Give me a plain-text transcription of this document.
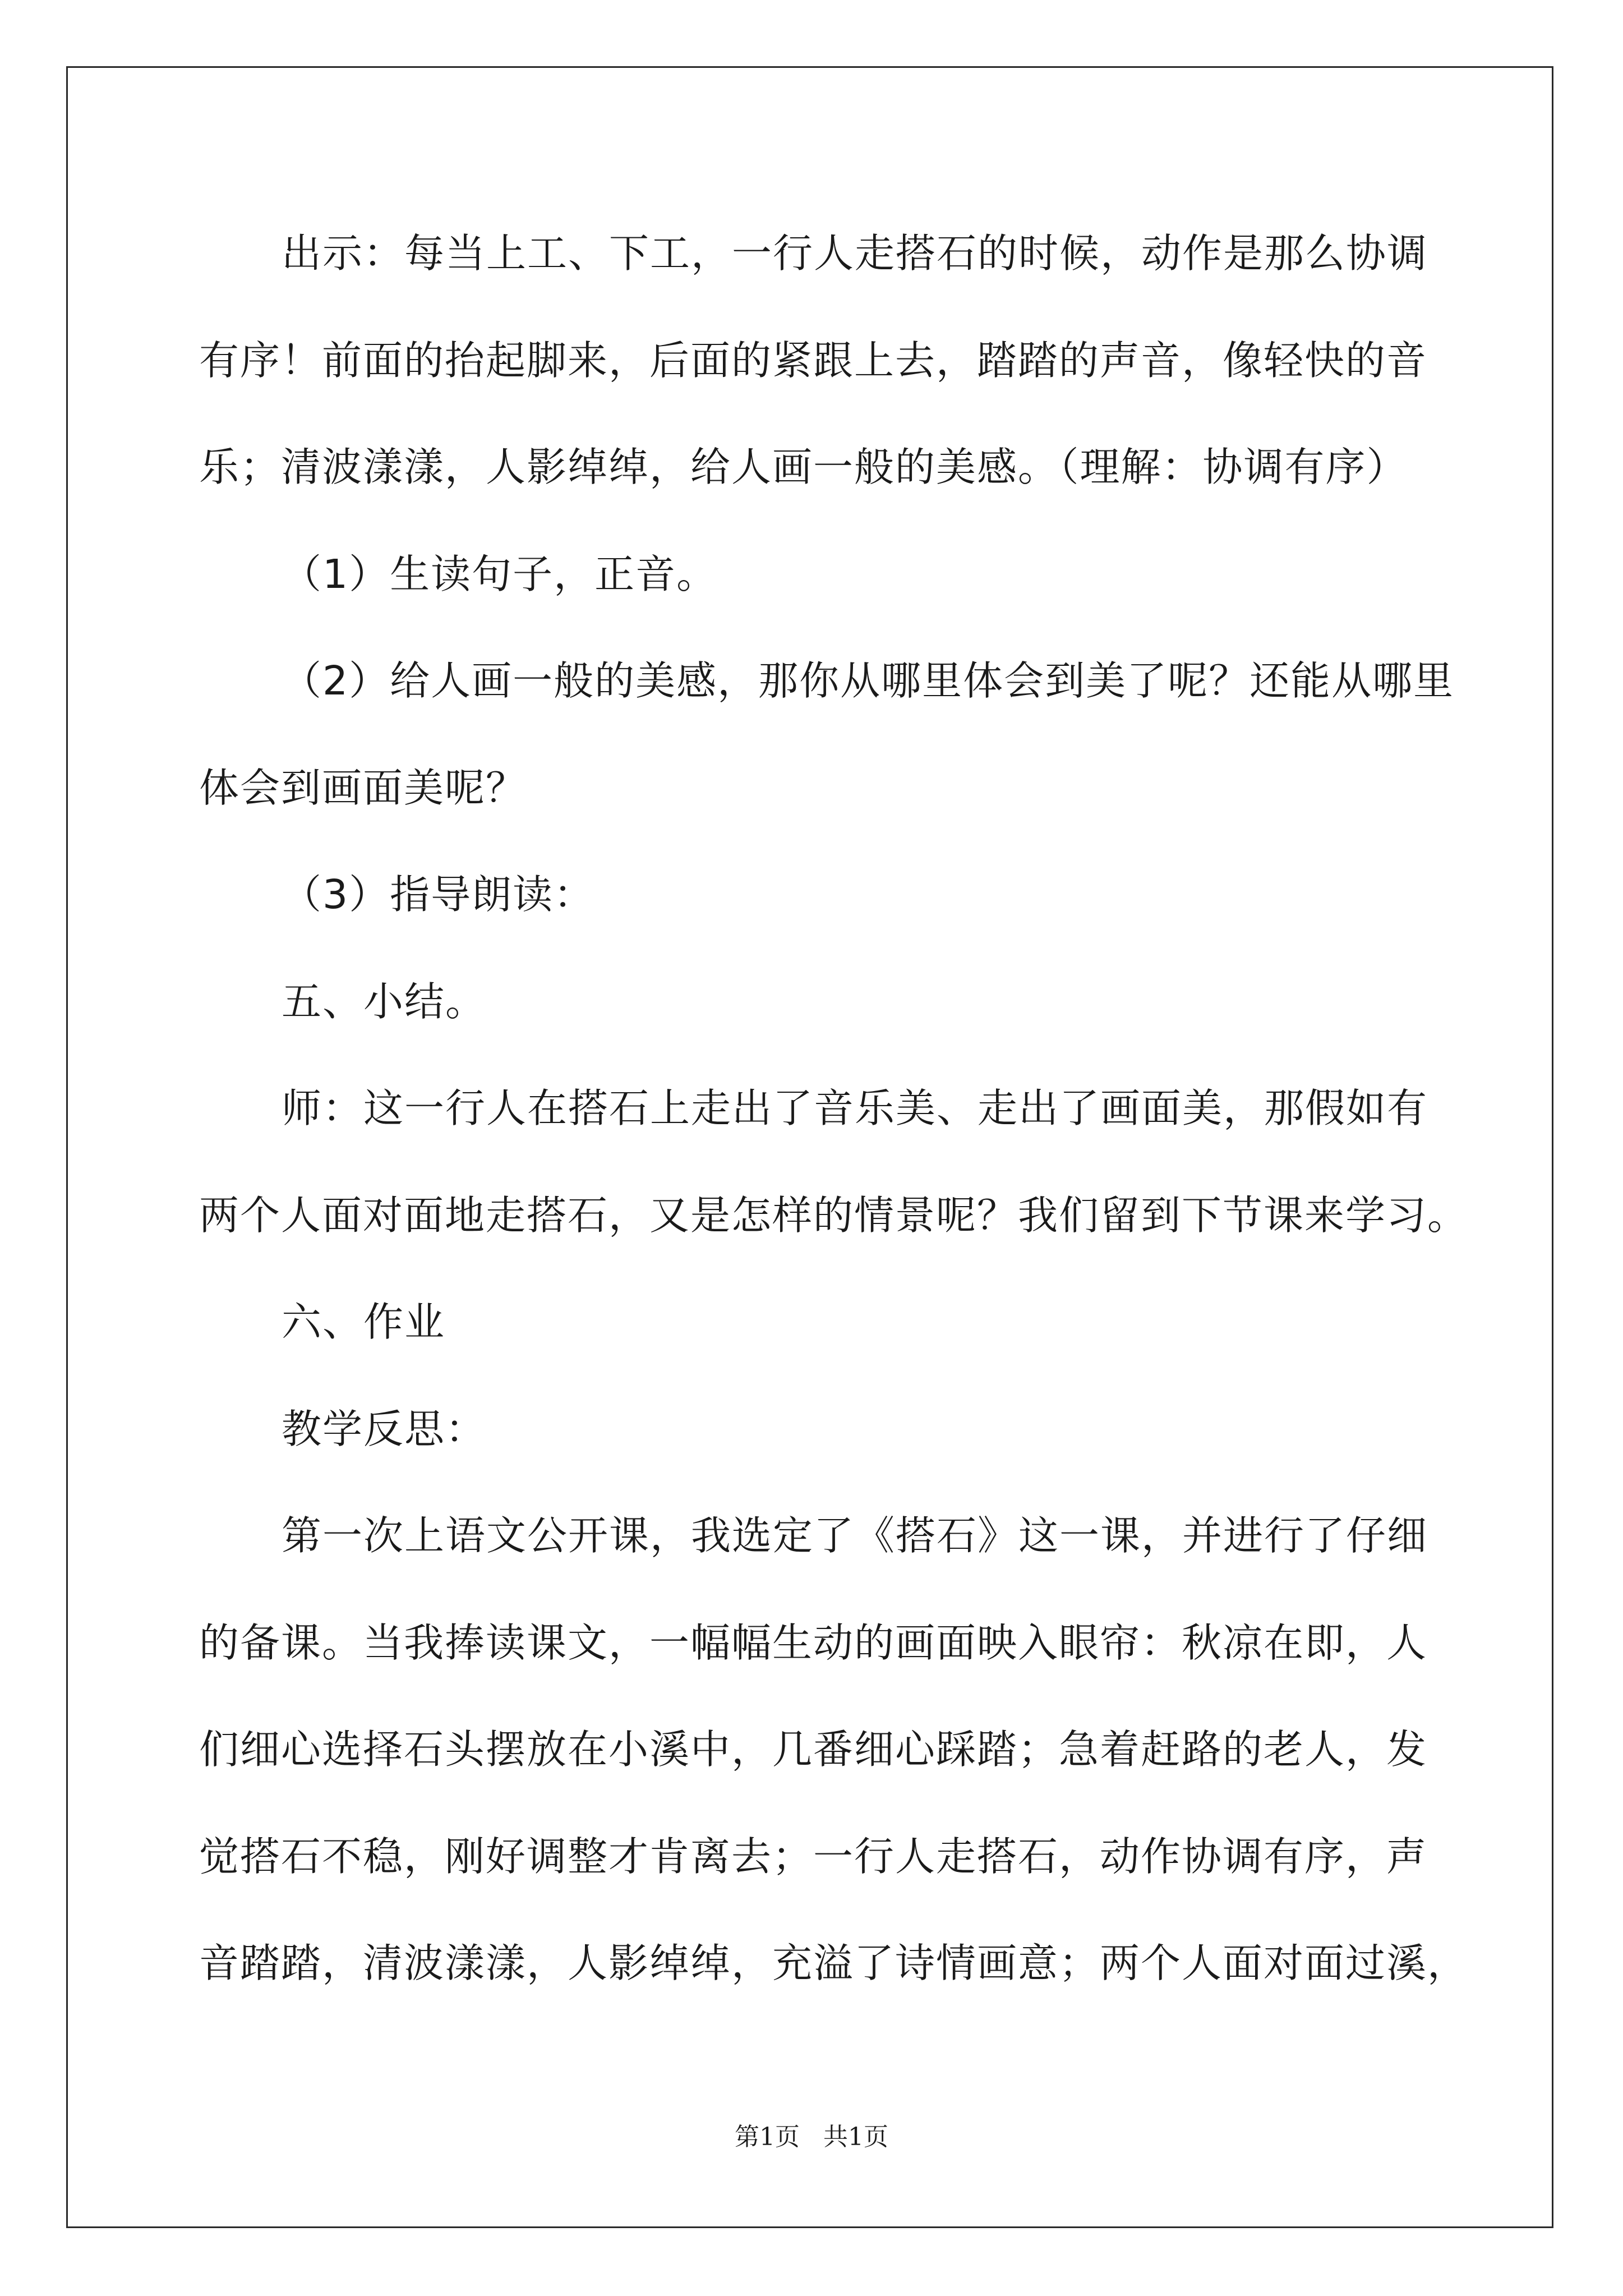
出示：每当上工、下工，一行人走搭石的时候，动作是那么协调
有序！前面的抬起脚来，后面的紧跟上去，踏踏的声音，像轻快的音
乐；清波漾漾，人影绰绰，给人画一般的美感。（理解：协调有序）
（1）生读句子，正音。
（2）给人画一般的美感，那你从哪里体会到美了呢？还能从哪里
体会到画面美呢？
（3）指导朗读：
五、小结。
师：这一行人在搭石上走出了音乐美、走出了画面美，那假如有
两个人面对面地走搭石，又是怎样的情景呢？我们留到下节课来学习。
六、作业
教学反思：
第一次上语文公开课，我选定了《搭石》这一课，并进行了仔细
的备课。当我捧读课文，一幅幅生动的画面映入眼帘：秋凉在即，人
们细心选择石头摆放在小溪中，几番细心踩踏；急着赶路的老人，发
觉搭石不稳，刚好调整才肯离去；一行人走搭石，动作协调有序，声
音踏踏，清波漾漾，人影绰绰，充溢了诗情画意；两个人面对面过溪，
第1页   共1页
